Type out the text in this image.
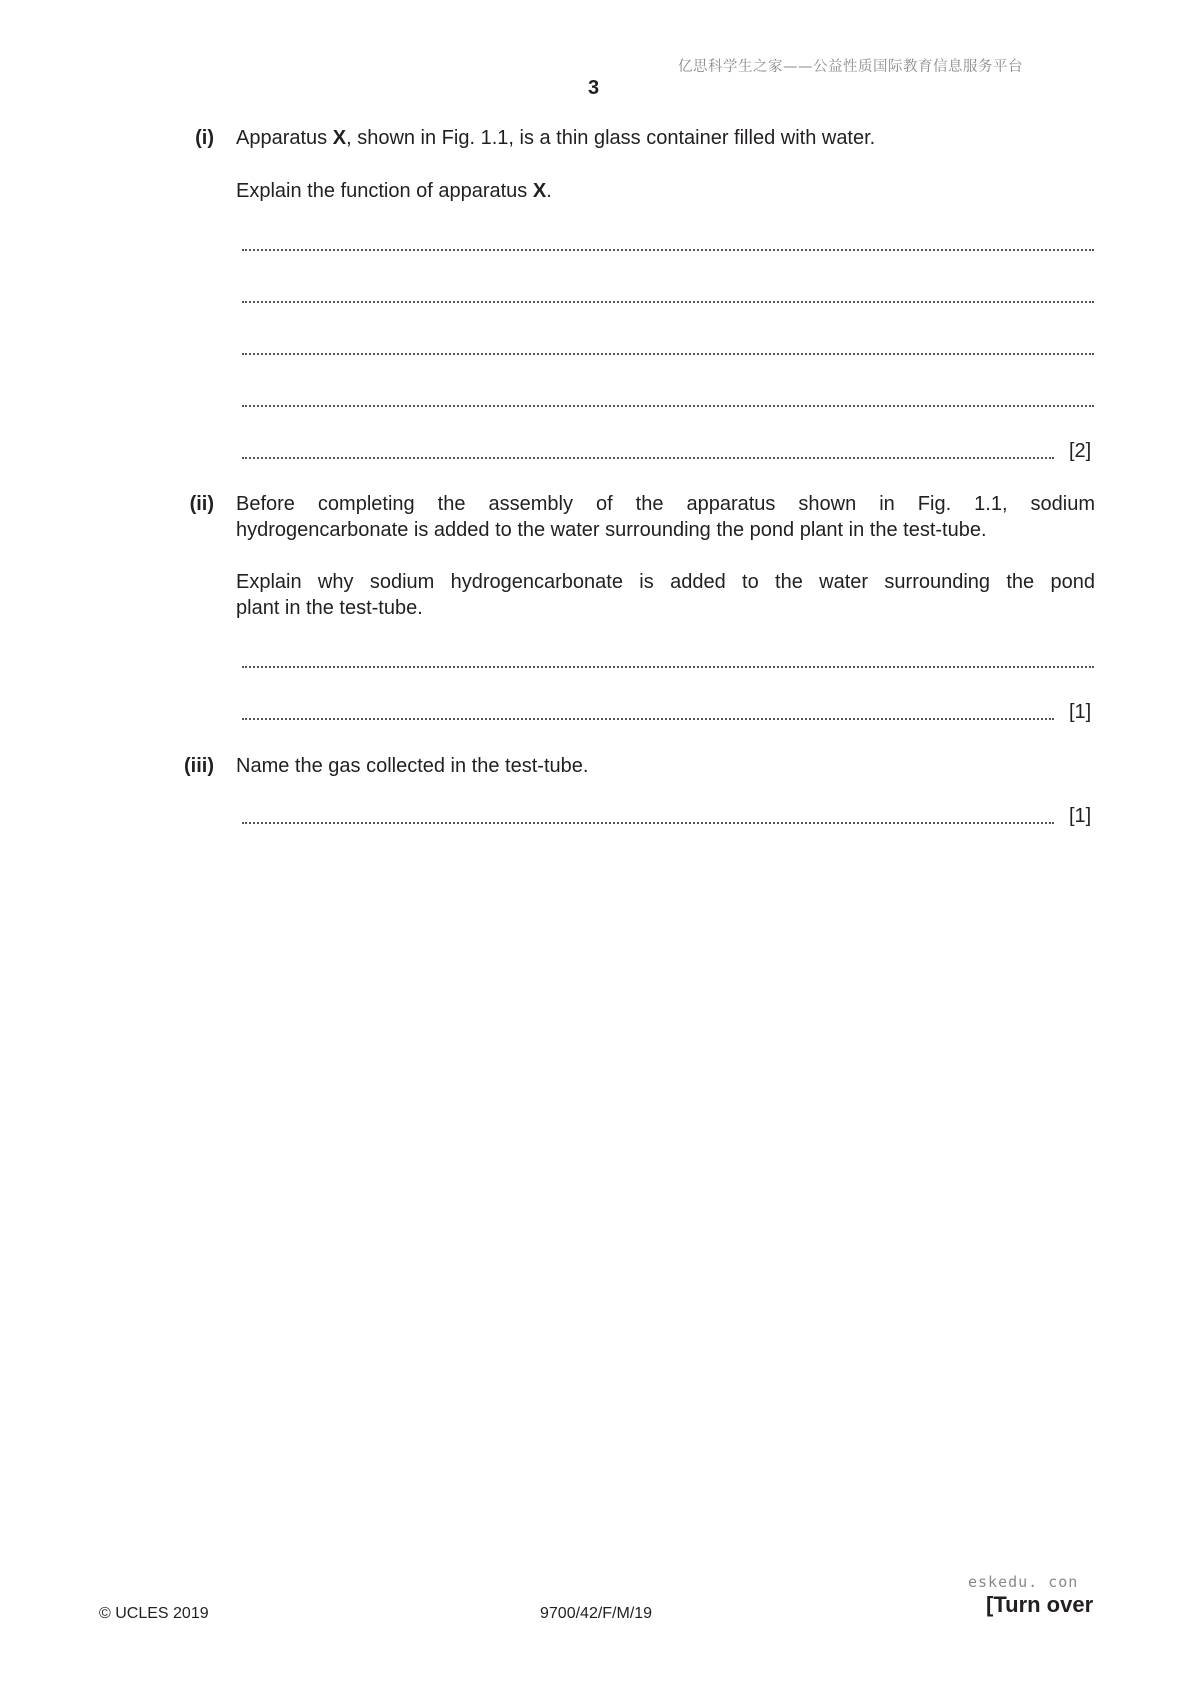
亿思科学生之家——公益性质国际教育信息服务平台
3
(i) Apparatus X, shown in Fig. 1.1, is a thin glass container filled with water.
Explain the function of apparatus X.
[2]
(ii) Before completing the assembly of the apparatus shown in Fig. 1.1, sodium
hydrogencarbonate is added to the water surrounding the pond plant in the test-tube.
Explain why sodium hydrogencarbonate is added to the water surrounding the pond
plant in the test-tube.
[1]
(iii) Name the gas collected in the test-tube.
[1]
© UCLES 2019	9700/42/F/M/19
eskedu. con
[Turn over
